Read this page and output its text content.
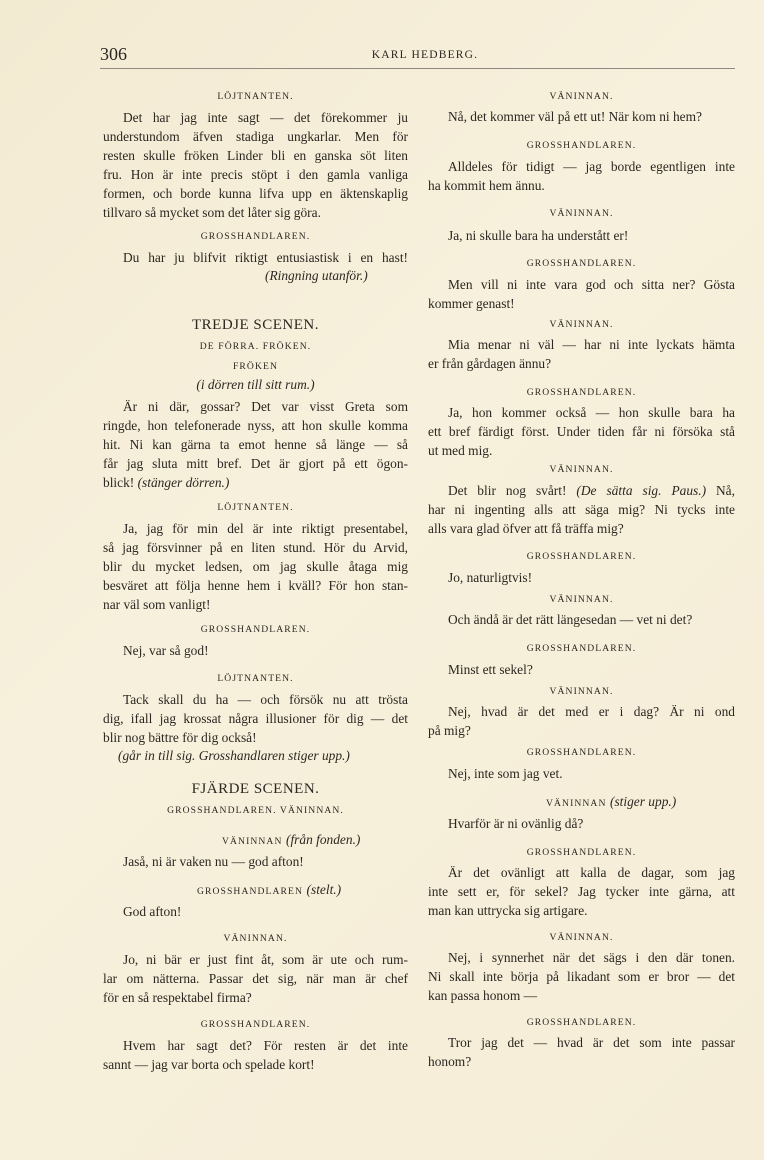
306	KARL HEDBERG.
LÖJTNANTEN.
Det har jag inte sagt — det förekommer ju
understundom äfven stadiga ungkarlar. Men för
resten skulle fröken Linder bli en ganska söt liten
fru. Hon är inte precis stöpt i den gamla vanliga
formen, och borde kunna lifva upp en äktenskaplig
tillvaro så mycket som det låter sig göra.
GROSSHANDLAREN.
Du har ju blifvit riktigt entusiastisk i en hast!
(Ringning utanför.)
TREDJE SCENEN.
DE FÖRRA. FRÖKEN.
FRÖKEN
(i dörren till sitt rum.)
Är ni där, gossar? Det var visst Greta som
ringde, hon telefonerade nyss, att hon skulle komma
hit. Ni kan gärna ta emot henne så länge — så
får jag sluta mitt bref. Det är gjort på ett ögon-
blick! (stänger dörren.)
LÖJTNANTEN.
Ja, jag för min del är inte riktigt presentabel,
så jag försvinner på en liten stund. Hör du Arvid,
blir du mycket ledsen, om jag skulle åtaga mig
besväret att följa henne hem i kväll? För hon stan-
nar väl som vanligt!
GROSSHANDLAREN.
Nej, var så god!
LÖJTNANTEN.
Tack skall du ha — och försök nu att trösta
dig, ifall jag krossat några illusioner för dig — det
blir nog bättre för dig också!
(går in till sig. Grosshandlaren stiger upp.)
FJÄRDE SCENEN.
GROSSHANDLAREN. VÄNINNAN.
VÄNINNAN (från fonden.)
Jaså, ni är vaken nu — god afton!
GROSSHANDLAREN (stelt.)
God afton!
VÄNINNAN.
Jo, ni bär er just fint åt, som är ute och rum-
lar om nätterna. Passar det sig, när man är chef
för en så respektabel firma?
GROSSHANDLAREN.
Hvem har sagt det? För resten är det inte
sannt — jag var borta och spelade kort!
VÄNINNAN.
Nå, det kommer väl på ett ut! När kom ni hem?
GROSSHANDLAREN.
Alldeles för tidigt — jag borde egentligen inte
ha kommit hem ännu.
VÄNINNAN.
Ja, ni skulle bara ha understått er!
GROSSHANDLAREN.
Men vill ni inte vara god och sitta ner? Gösta
kommer genast!
VÄNINNAN.
Mia menar ni väl — har ni inte lyckats hämta
er från gårdagen ännu?
GROSSHANDLAREN.
Ja, hon kommer också — hon skulle bara ha
ett bref färdigt först. Under tiden får ni försöka stå
ut med mig.
VÄNINNAN.
Det blir nog svårt! (De sätta sig. Paus.) Nå,
har ni ingenting alls att säga mig? Ni tycks inte
alls vara glad öfver att få träffa mig?
GROSSHANDLAREN.
Jo, naturligtvis!
VÄNINNAN.
Och ändå är det rätt längesedan — vet ni det?
GROSSHANDLAREN.
Minst ett sekel?
VÄNINNAN.
Nej, hvad är det med er i dag? Är ni ond
på mig?
GROSSHANDLAREN.
Nej, inte som jag vet.
VÄNINNAN (stiger upp.)
Hvarför är ni ovänlig då?
GROSSHANDLAREN.
Är det ovänligt att kalla de dagar, som jag
inte sett er, för sekel? Jag tycker inte gärna, att
man kan uttrycka sig artigare.
VÄNINNAN.
Nej, i synnerhet när det sägs i den där tonen.
Ni skall inte börja på likadant som er bror — det
kan passa honom —
GROSSHANDLAREN.
Tror jag det — hvad är det som inte passar
honom?
